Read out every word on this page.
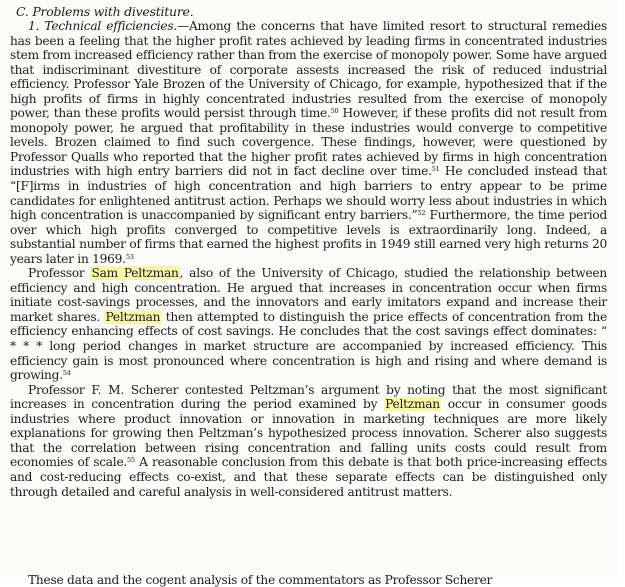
C. Problems with divestiture.

1. Technical efficiencies.—Among the concerns that have limited resort to structural remedies has been a feeling that the higher profit rates achieved by leading firms in concentrated industries stem from increased efficiency rather than from the exercise of monopoly power. Some have argued that indiscriminant divestiture of corporate assests increased the risk of reduced industrial efficiency. Professor Yale Brozen of the University of Chicago, for example, hypothesized that if the high profits of firms in highly concentrated industries resulted from the exercise of monopoly power, than these profits would persist through time.$^{50}$ However, if these profits did not result from monopoly power, he argued that profitability in these industries would converge to competitive levels. Brozen claimed to find such covergence. These findings, however, were questioned by Professor Qualls who reported that the higher profit rates achieved by firms in high concentration industries with high entry barriers did not in fact decline over time.$^{51}$ He concluded instead that “[F]irms in industries of high concentration and high barriers to entry appear to be prime candidates for enlightened antitrust action. Perhaps we should worry less about industries in which high concentration is unaccompanied by significant entry barriers.”$^{52}$ Furthermore, the time period over which high profits converged to competitive levels is extraordinarily long. Indeed, a substantial number of firms that earned the highest profits in 1949 still earned very high returns 20 years later in 1969.53

Professor Sam Peltzman, also of the University of Chicago, studied the relationship between efficiency and high concentration. He argued that increases in concentration occur when firms initiate cost-savings processes, and the innovators and early imitators expand and increase their market shares. Peltzman then attempted to distinguish the price effects of concentration from the efficiency enhancing effects of cost savings. He concludes that the cost savings effect dominates: “ * * * long period changes in market structure are accompanied by increased efficiency. This efficiency gain is most pronounced where concentration is high and rising and where demand is growing.$^{54}$

Professor F. M. Scherer contested Peltzman’s argument by noting that the most significant increases in concentration during the period examined by Peltzman occur in consumer goods industries where product innovation or innovation in marketing techniques are more likely explanations for growing then Peltzman’s hypothesized process innovation. Scherer also suggests that the correlation between rising concentration and falling units costs could result from economies of scale.$^{55}$ A reasonable conclusion from this debate is that both price-increasing effects and cost-reducing effects co-exist, and that these separate effects can be distinguished only through detailed and careful analysis in well-considered antitrust matters.

These data and the cogent analysis of the commentators as Professor Scherer
